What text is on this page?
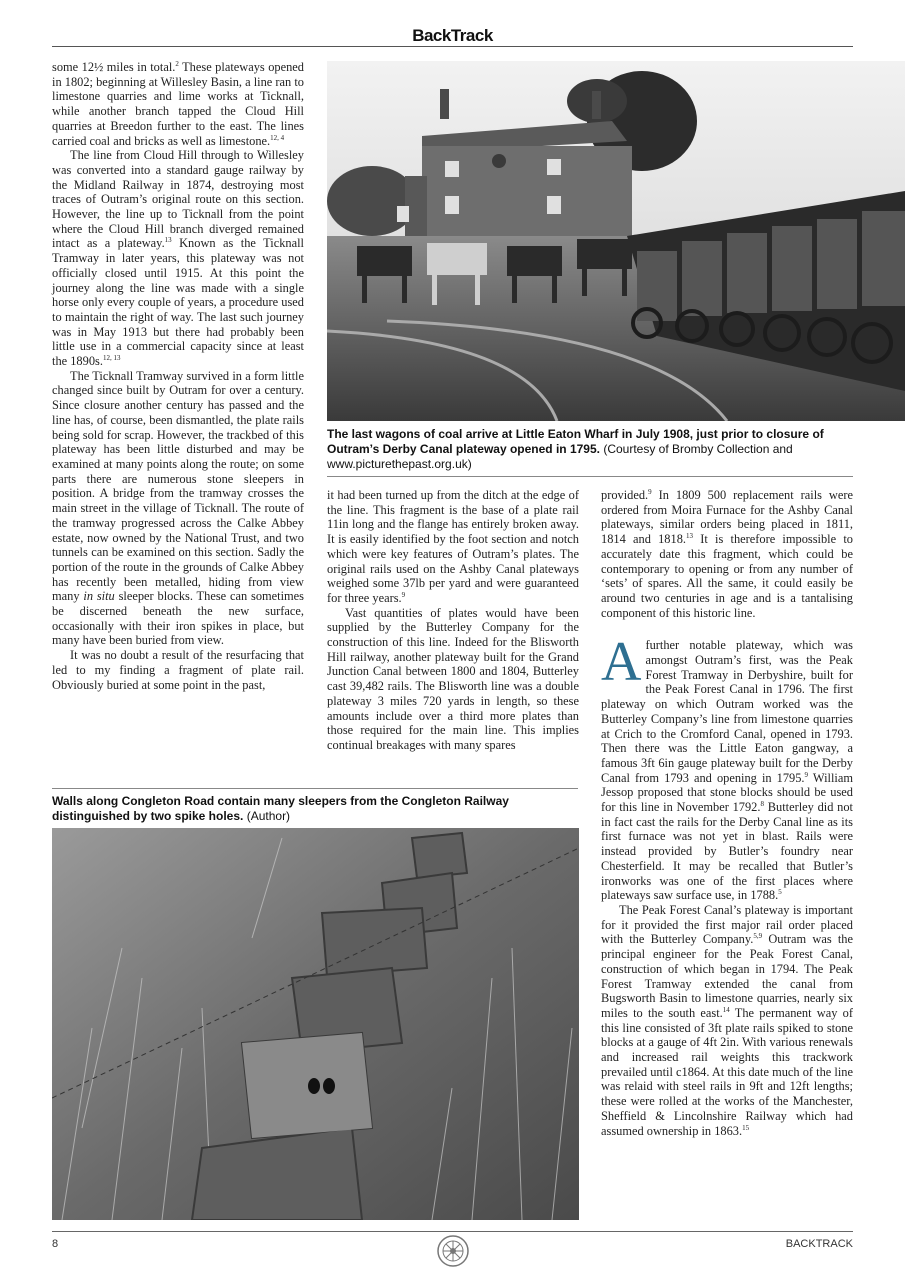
BackTrack
The last wagons of coal arrive at Little Eaton Wharf in July 1908, just prior to closure of Outram’s Derby Canal plateway opened in 1795. (Courtesy of Bromby Collection and www.picturethepast.org.uk)

some 12½ miles in total.$^2$ These plateways opened in 1802; beginning at Willesley Basin, a line ran to limestone quarries and lime works at Ticknall, while another branch tapped the Cloud Hill quarries at Breedon further to the east. The lines carried coal and bricks as well as limestone.$^{12, 4}$

The line from Cloud Hill through to Willesley was converted into a standard gauge railway by the Midland Railway in 1874, destroying most traces of Outram’s original route on this section. However, the line up to Ticknall from the point where the Cloud Hill branch diverged remained intact as a plateway.$^{13}$ Known as the Ticknall Tramway in later years, this plateway was not officially closed until 1915. At this point the journey along the line was made with a single horse only every couple of years, a procedure used to maintain the right of way. The last such journey was in May 1913 but there had probably been little use in a commercial capacity since at least the 1890s.$^{12, 13}$

The Ticknall Tramway survived in a form little changed since built by Outram for over a century. Since closure another century has passed and the line has, of course, been dismantled, the plate rails being sold for scrap. However, the trackbed of this plateway has been little disturbed and may be examined at many points along the route; on some parts there are numerous stone sleepers in position. A bridge from the tramway crosses the main street in the village of Ticknall. The route of the tramway progressed across the Calke Abbey estate, now owned by the National Trust, and two tunnels can be examined on this section. Sadly the portion of the route in the grounds of Calke Abbey has recently been metalled, hiding from view many in situ sleeper blocks. These can sometimes be discerned beneath the new surface, occasionally with their iron spikes in place, but many have been buried from view.

It was no doubt a result of the resurfacing that led to my finding a fragment of plate rail. Obviously buried at some point in the past,

it had been turned up from the ditch at the edge of the line. This fragment is the base of a plate rail 11in long and the flange has entirely broken away. It is easily identified by the foot section and notch which were key features of Outram’s plates. The original rails used on the Ashby Canal plateways weighed some 37lb per yard and were guaranteed for three years.$^9$

Vast quantities of plates would have been supplied by the Butterley Company for the construction of this line. Indeed for the Blisworth Hill railway, another plateway built for the Grand Junction Canal between 1800 and 1804, Butterley cast 39,482 rails. The Blisworth line was a double plateway 3 miles 720 yards in length, so these amounts include over a third more plates than those required for the main line. This implies continual breakages with many spares

provided.$^9$ In 1809 500 replacement rails were ordered from Moira Furnace for the Ashby Canal plateways, similar orders being placed in 1811, 1814 and 1818.13 It is therefore impossible to accurately date this fragment, which could be contemporary to opening or from any number of ‘sets’ of spares. All the same, it could easily be around two centuries in age and is a tantalising component of this historic line.

Afurther notable plateway, which was amongst Outram’s first, was the Peak Forest Tramway in Derbyshire, built for the Peak Forest Canal in 1796. The first plateway on which Outram worked was the Butterley Company’s line from limestone quarries at Crich to the Cromford Canal, opened in 1793. Then there was the Little Eaton gangway, a famous 3ft 6in gauge plateway built for the Derby Canal from 1793 and opening in 1795.$^9$ William Jessop proposed that stone blocks should be used for this line in November 1792.$^8$ Butterley did not in fact cast the rails for the Derby Canal line as its first furnace was not yet in blast. Rails were instead provided by Butler’s foundry near Chesterfield. It may be recalled that Butler’s ironworks was one of the first places where plateways saw surface use, in 1788.$^5$

The Peak Forest Canal’s plateway is important for it provided the first major rail order placed with the Butterley Company.$^{5,9}$ Outram was the principal engineer for the Peak Forest Canal, construction of which began in 1794. The Peak Forest Tramway extended the canal from Bugsworth Basin to limestone quarries, nearly six miles to the south east.$^{14}$ The permanent way of this line consisted of 3ft plate rails spiked to stone blocks at a gauge of 4ft 2in. With various renewals and increased rail weights this trackwork prevailed until c1864. At this date much of the line was relaid with steel rails in 9ft and 12ft lengths; these were rolled at the works of the Manchester, Sheffield & Lincolnshire Railway which had assumed ownership in 1863.15

Walls along Congleton Road contain many sleepers from the Congleton Railway distinguished by two spike holes. (Author)
8	BACKTRACK
